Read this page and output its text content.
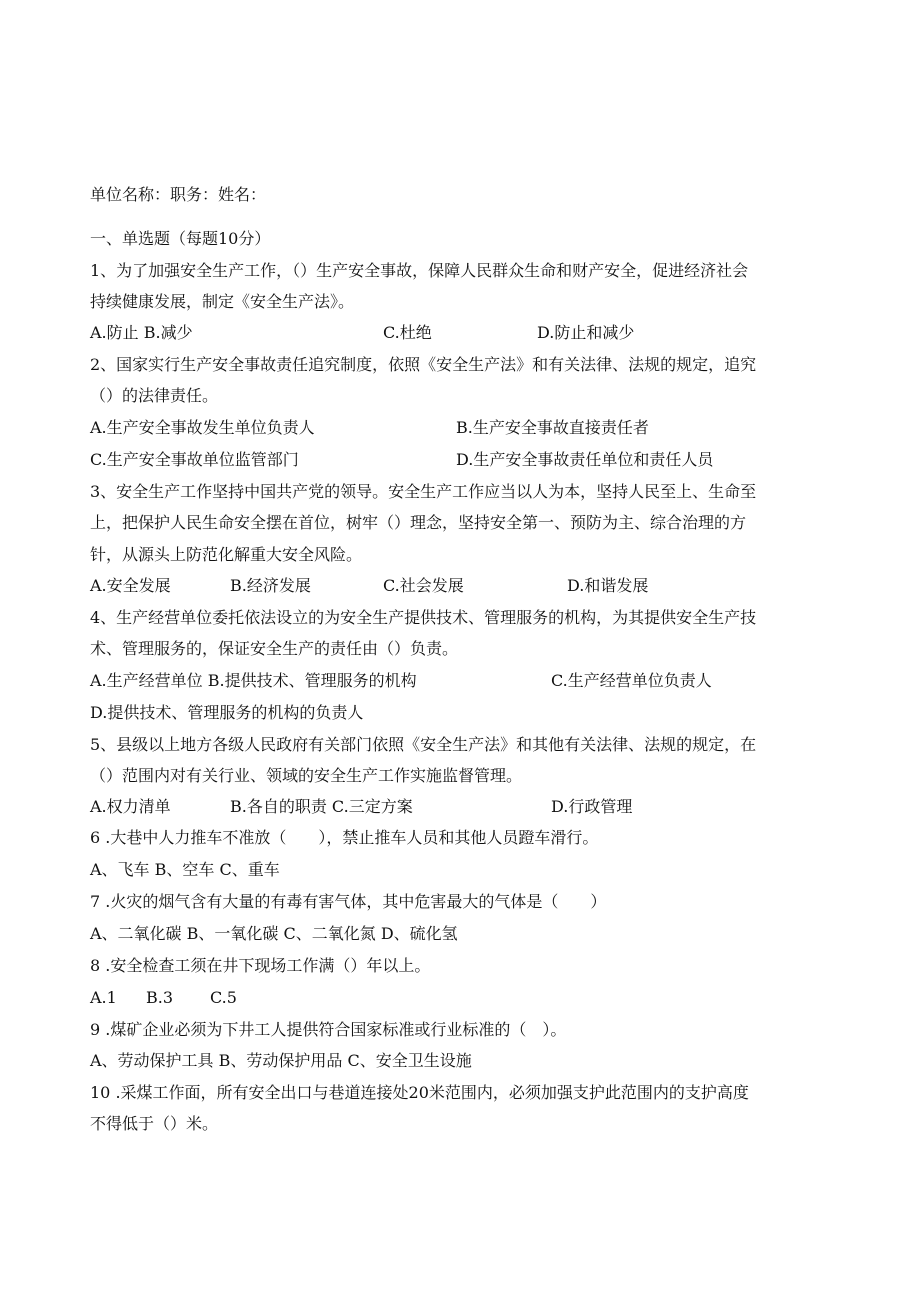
单位名称：职务：姓名：
一、单选题（每题10分）
1、为了加强安全生产工作，（）生产安全事故，保障人民群众生命和财产安全，促进经济社会
持续健康发展，制定《安全生产法》。
A.防止 B.减少	C.杜绝	D.防止和减少
2、国家实行生产安全事故责任追究制度，依照《安全生产法》和有关法律、法规的规定，追究
（）的法律责任。
A.生产安全事故发生单位负责人	B.生产安全事故直接责任者
C.生产安全事故单位监管部门	D.生产安全事故责任单位和责任人员
3、安全生产工作坚持中国共产党的领导。安全生产工作应当以人为本，坚持人民至上、生命至
上，把保护人民生命安全摆在首位，树牢（）理念，坚持安全第一、预防为主、综合治理的方
针，从源头上防范化解重大安全风险。
A.安全发展	B.经济发展	C.社会发展	D.和谐发展
4、生产经营单位委托依法设立的为安全生产提供技术、管理服务的机构，为其提供安全生产技
术、管理服务的，保证安全生产的责任由（）负责。
A.生产经营单位 B.提供技术、管理服务的机构	C.生产经营单位负责人
D.提供技术、管理服务的机构的负责人
5、县级以上地方各级人民政府有关部门依照《安全生产法》和其他有关法律、法规的规定，在
（）范围内对有关行业、领域的安全生产工作实施监督管理。
A.权力清单	B.各自的职责 C.三定方案	D.行政管理
6 .大巷中人力推车不准放（　　），禁止推车人员和其他人员蹬车滑行。
A、飞车 B、空车 C、重车
7 .火灾的烟气含有大量的有毒有害气体，其中危害最大的气体是（　　）
A、二氧化碳 B、一氧化碳 C、二氧化氮 D、硫化氢
8 .安全检查工须在井下现场工作满（）年以上。
A.1 B.3 C.5
9 .煤矿企业必须为下井工人提供符合国家标准或行业标准的（　）。
A、劳动保护工具 B、劳动保护用品 C、安全卫生设施
10 .采煤工作面，所有安全出口与巷道连接处20米范围内，必须加强支护此范围内的支护高度
不得低于（）米。
